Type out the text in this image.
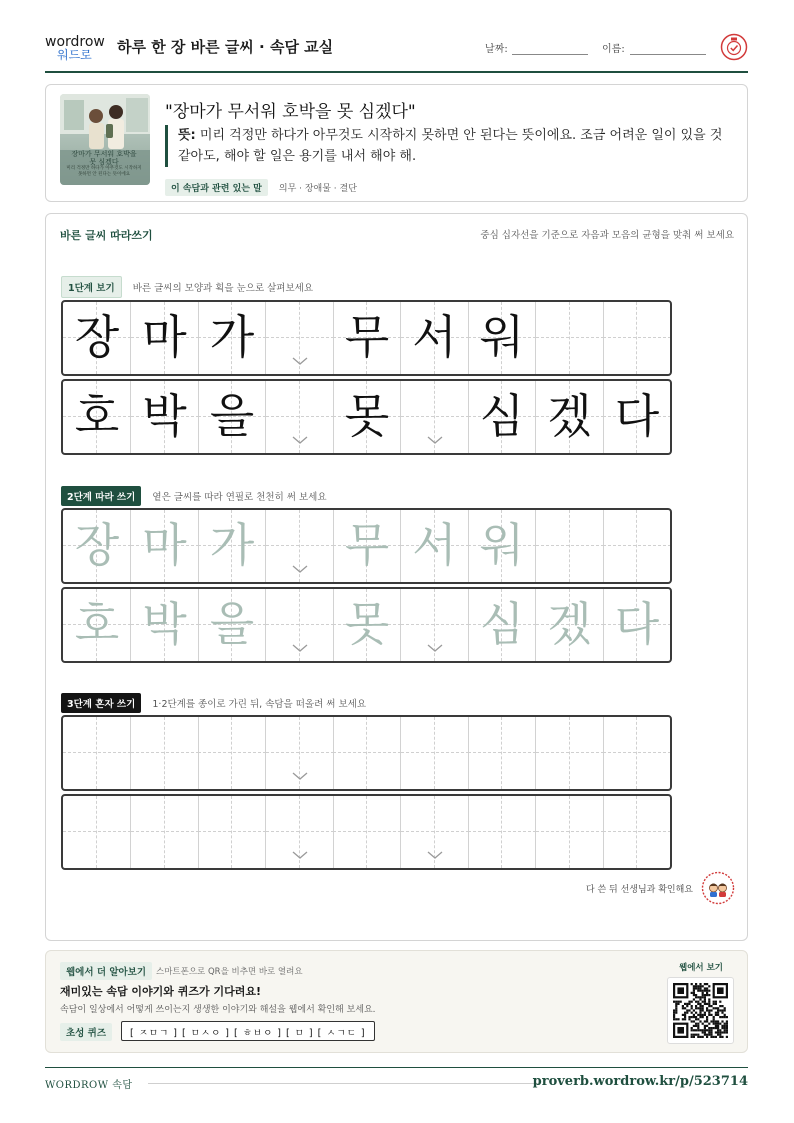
wordrow
워드로 하루 한 장 바른 글씨 · 속담 교실	날짜:	이름:
"장마가 무서워 호박을 못 심겠다"
뜻: 미리 걱정만 하다가 아무것도 시작하지 못하면 안 된다는 뜻이에요. 조금 어려운 일이 있을 것 같아도, 해야 할 일은 용기를 내서 해야 해.
이 속담과 관련 있는 말 의무 · 장애물 · 결단
장마가 무서워 호박을
못 심겠다
미리 걱정만 하다가 아무것도 시작하지
못하면 안 된다는 뜻이에요
바른 글씨 따라쓰기	중심 십자선을 기준으로 자음과 모음의 균형을 맞춰 써 보세요
1단계 보기 바른 글씨의 모양과 획을 눈으로 살펴보세요
장 마 가 무 서 워
호 박 을 못 심 겠 다
2단계 따라 쓰기 옅은 글씨를 따라 연필로 천천히 써 보세요
장 마 가 무 서 워
호 박 을 못 심 겠 다
3단계 혼자 쓰기 1·2단계를 종이로 가린 뒤, 속담을 떠올려 써 보세요
다 쓴 뒤 선생님과 확인해요
웹에서 더 알아보기	스마트폰으로 QR을 비추면 바로 열려요
재미있는 속담 이야기와 퀴즈가 기다려요!
속담이 일상에서 어떻게 쓰이는지 생생한 이야기와 해설을 웹에서 확인해 보세요.
초성 퀴즈	[ ㅈㅁㄱ ] [ ㅁㅅㅇ ] [ ㅎㅂㅇ ] [ ㅁ ] [ ㅅㄱㄷ ]
웹에서 보기
WORDROW 속담	proverb.wordrow.kr/p/523714
